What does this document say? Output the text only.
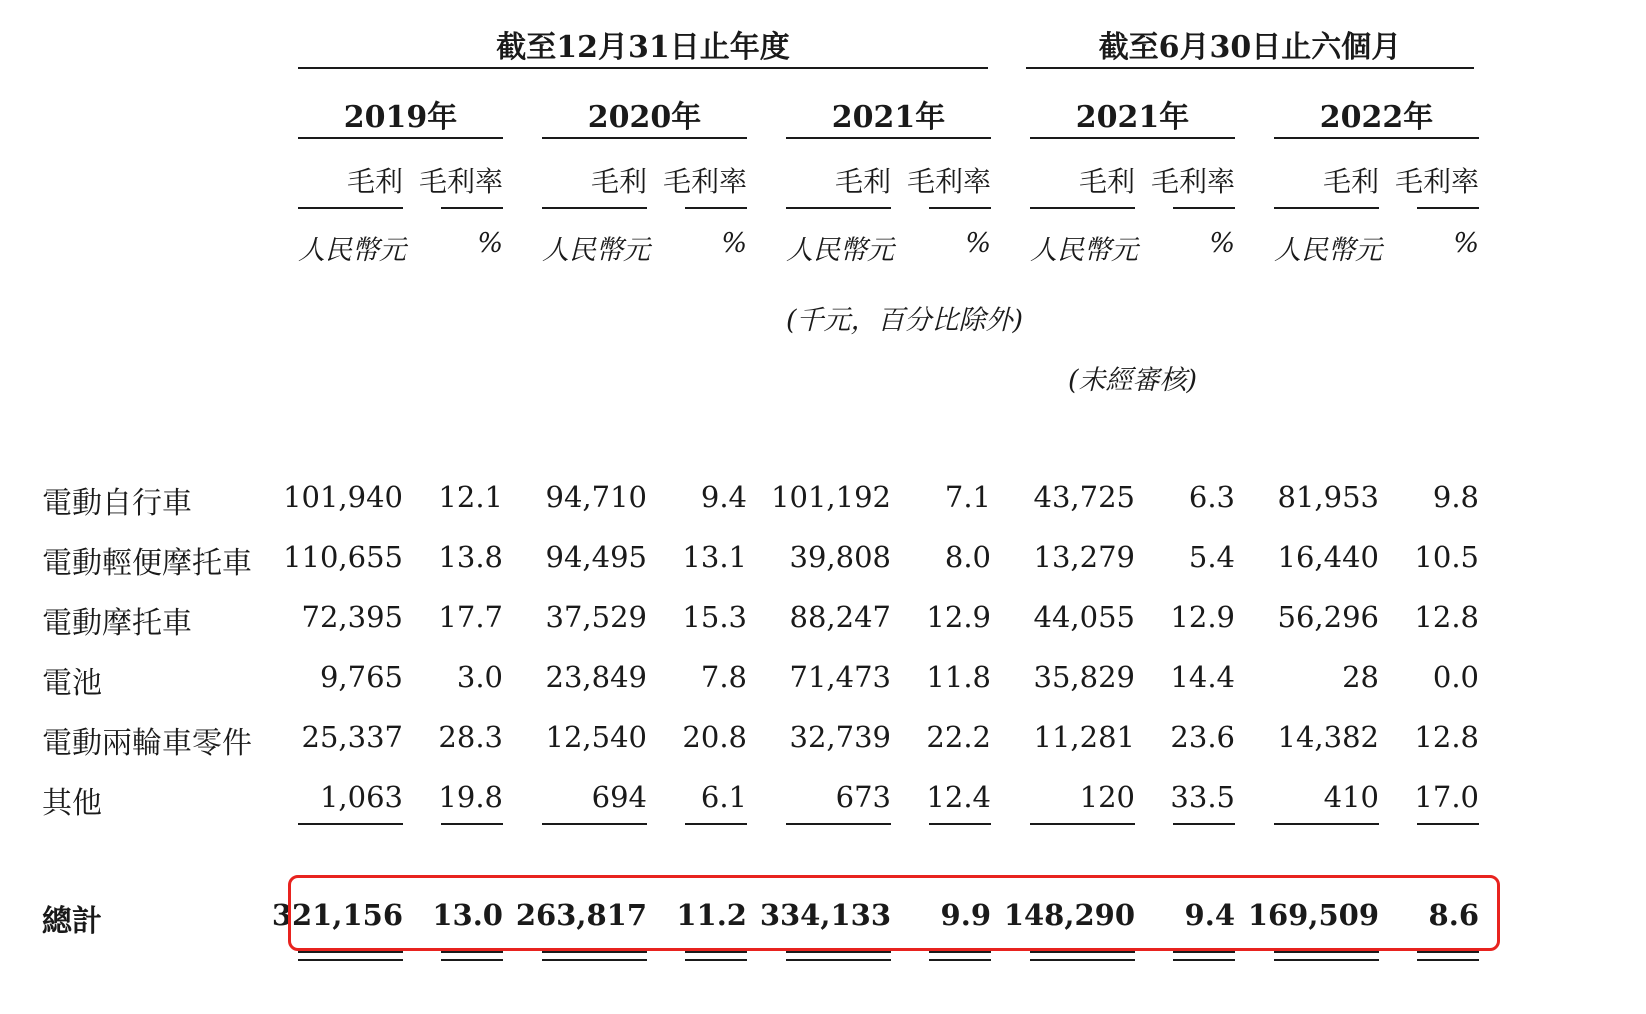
截至12月31日止年度	截至6月30日止六個月
2019年	2020年	2021年	2021年	2022年
毛利 毛利率
人民幣元	%
毛利 毛利率
人民幣元	%
毛利 毛利率
人民幣元	%
毛利 毛利率
人民幣元	%
毛利 毛利率
人民幣元	%
(千元，百分比除外)
(未經審核)
電動自行車	101,940	12.1	94,710	9.4 101,192	7.1	43,725	6.3	81,953	9.8
電動輕便摩托車	110,655	13.8	94,495	13.1	39,808	8.0	13,279	5.4	16,440	10.5
電動摩托車	72,395	17.7	37,529	15.3	88,247	12.9	44,055	12.9	56,296	12.8
電池	9,765	3.0	23,849	7.8	71,473	11.8	35,829	14.4	28	0.0
電動兩輪車零件	25,337	28.3	12,540	20.8	32,739	22.2	11,281	23.6	14,382	12.8
其他	1,063	19.8	694	6.1	673	12.4	120	33.5	410	17.0
總計	321,156	13.0 263,817	11.2 334,133	9.9 148,290	9.4 169,509	8.6
